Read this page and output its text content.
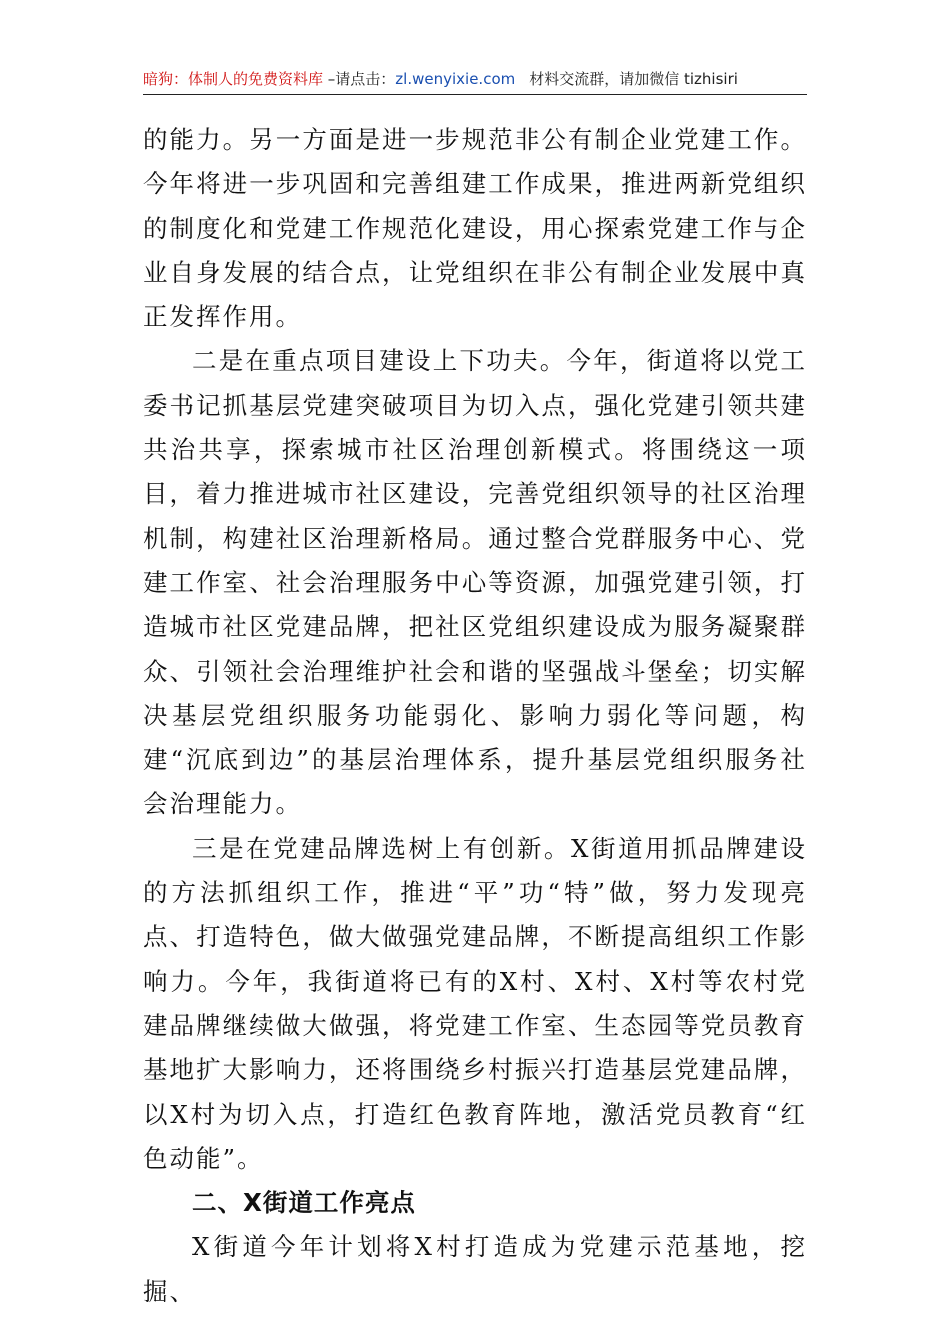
暗狗：体制人的免费资料库 –请点击：zl.wenyixie.com 材料交流群，请加微信 tizhisiri

的能力。另一方面是进一步规范非公有制企业党建工作。今年将进一步巩固和完善组建工作成果，推进两新党组织的制度化和党建工作规范化建设，用心探索党建工作与企业自身发展的结合点，让党组织在非公有制企业发展中真正发挥作用。

二是在重点项目建设上下功夫。今年，街道将以党工委书记抓基层党建突破项目为切入点，强化党建引领共建共治共享，探索城市社区治理创新模式。将围绕这一项目，着力推进城市社区建设，完善党组织领导的社区治理机制，构建社区治理新格局。通过整合党群服务中心、党建工作室、社会治理服务中心等资源，加强党建引领，打造城市社区党建品牌，把社区党组织建设成为服务凝聚群众、引领社会治理维护社会和谐的坚强战斗堡垒；切实解决基层党组织服务功能弱化、影响力弱化等问题，构建“沉底到边”的基层治理体系，提升基层党组织服务社会治理能力。

三是在党建品牌选树上有创新。X街道用抓品牌建设的方法抓组织工作，推进“平”功“特”做，努力发现亮点、打造特色，做大做强党建品牌，不断提高组织工作影响力。今年，我街道将已有的X村、X村、X村等农村党建品牌继续做大做强，将党建工作室、生态园等党员教育基地扩大影响力，还将围绕乡村振兴打造基层党建品牌，以X村为切入点，打造红色教育阵地，激活党员教育“红色动能”。

二、X街道工作亮点

X街道今年计划将X村打造成为党建示范基地，挖掘、
